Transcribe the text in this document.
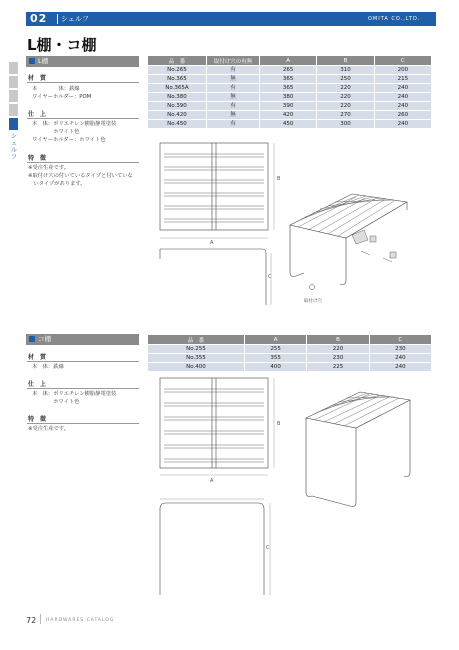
02 シェルフ	OMITA CO.,LTD.
L棚・コ棚
シェルフ
L棚
材　質
本　　　　体：鉄線
ワイヤーホルダー：POM
仕　上
本　体：ポリエチレン樹脂静電塗装
　　　　ホワイト色
ワイヤーホルダー：ホワイト色
特　徴
※受注生産です。
※取付け穴の付いているタイプと付いていな
　いタイプがあります。
品　番	取付け穴の有無	A	B	C
No.265	有	265	310	200
No.365	無	365	250	215
No.365A	有	365	220	240
No.380	無	380	220	240
No.390	有	390	220	240
No.420	無	420	270	260
No.450	有	450	300	240
A
B
C
取付け穴
コ棚
材　質
本　体：鉄線
仕　上
本　体：ポリエチレン樹脂静電塗装
　　　　ホワイト色
特　徴
※受注生産です。
品　番	A	B	C
No.255	255	220	230
No.355	355	230	240
No.400	400	225	240
A
B
C
72 HARDWARES CATALOG
